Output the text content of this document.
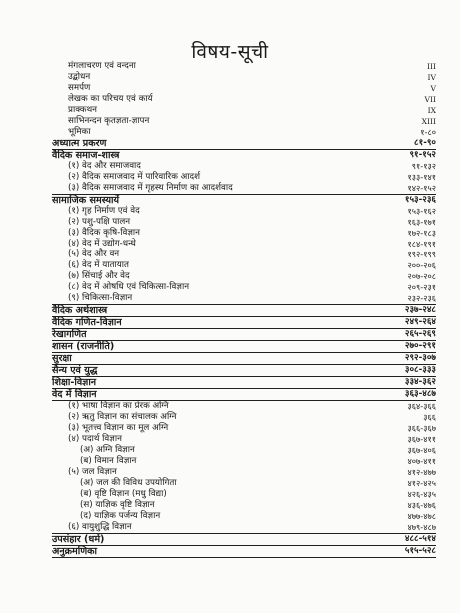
विषय-सूची
मंगलाचरण एवं वन्दना	III
उद्बोधन	IV
समर्पण	V
लेखक का परिचय एवं कार्य	VII
प्राक्कथन	IX
साभिनन्दन कृतज्ञता-ज्ञापन	XIII
भूमिका	१-८०
अध्यात्म प्रकरण	८१-९०
वैदिक समाज-शास्त्र	९१-१५२
(१) वेद और समाजवाद	९१-१३२
(२) वैदिक समाजवाद में पारिवारिक आदर्श	१३३-१४१
(३) वैदिक समाजवाद में गृहस्थ निर्माण का आदर्शवाद	१४२-१५२
सामाजिक समस्यायें	१५३-२३६
(१) गृह निर्माण एवं वेद	१५३-१६२
(२) पशु-पक्षि पालन	१६३-१७१
(३) वैदिक कृषि-विज्ञान	१७२-१८३
(४) वेद में उद्योग-धन्धे	१८४-१९१
(५) वेद और वन	१९२-१९९
(६) वेद में यातायात	२००-२०६
(७) सिंचाई और वेद	२०७-२०८
(८) वेद में ओषधि एवं चिकित्सा-विज्ञान	२०९-२३१
(९) चिकित्सा-विज्ञान	२३२-२३६
वैदिक अर्थशास्त्र	२३७-२४८
वैदिक गणित-विज्ञान	२४९-२६४
रेखागणित	२६५-२६९
शासन (राजनीति)	२७०-२९१
सुरक्षा	२९२-३०७
सैन्य एवं युद्ध	३०८-३३३
शिक्षा-विज्ञान	३३४-३६२
वेद में विज्ञान	३६३-४८७
(१) भाषा विज्ञान का प्रेरक अग्नि	३६४-३६६
(२) ऋतु विज्ञान का संचालक अग्नि	३६६
(३) भूतत्त्व विज्ञान का मूल अग्नि	३६६-३६७
(४) पदार्थ विज्ञान	३६७-४११
(अ) अग्नि विज्ञान	३६७-४०६
(ब) विमान विज्ञान	४०७-४११
(५) जल विज्ञान	४१२-४७७
(अ) जल की विविध उपयोगिता	४१२-४२५
(ब) वृष्टि विज्ञान (मधु विद्या)	४२६-४३५
(स) याज्ञिक वृष्टि विज्ञान	४३६-४७६
(द) याज्ञिक पर्जन्य विज्ञान	४७७-४७८
(६) वायुशुद्धि विज्ञान	४७९-४८७
उपसंहार (धर्म)	४८८-५१४
अनुक्रमणिका	५१५-५२८
